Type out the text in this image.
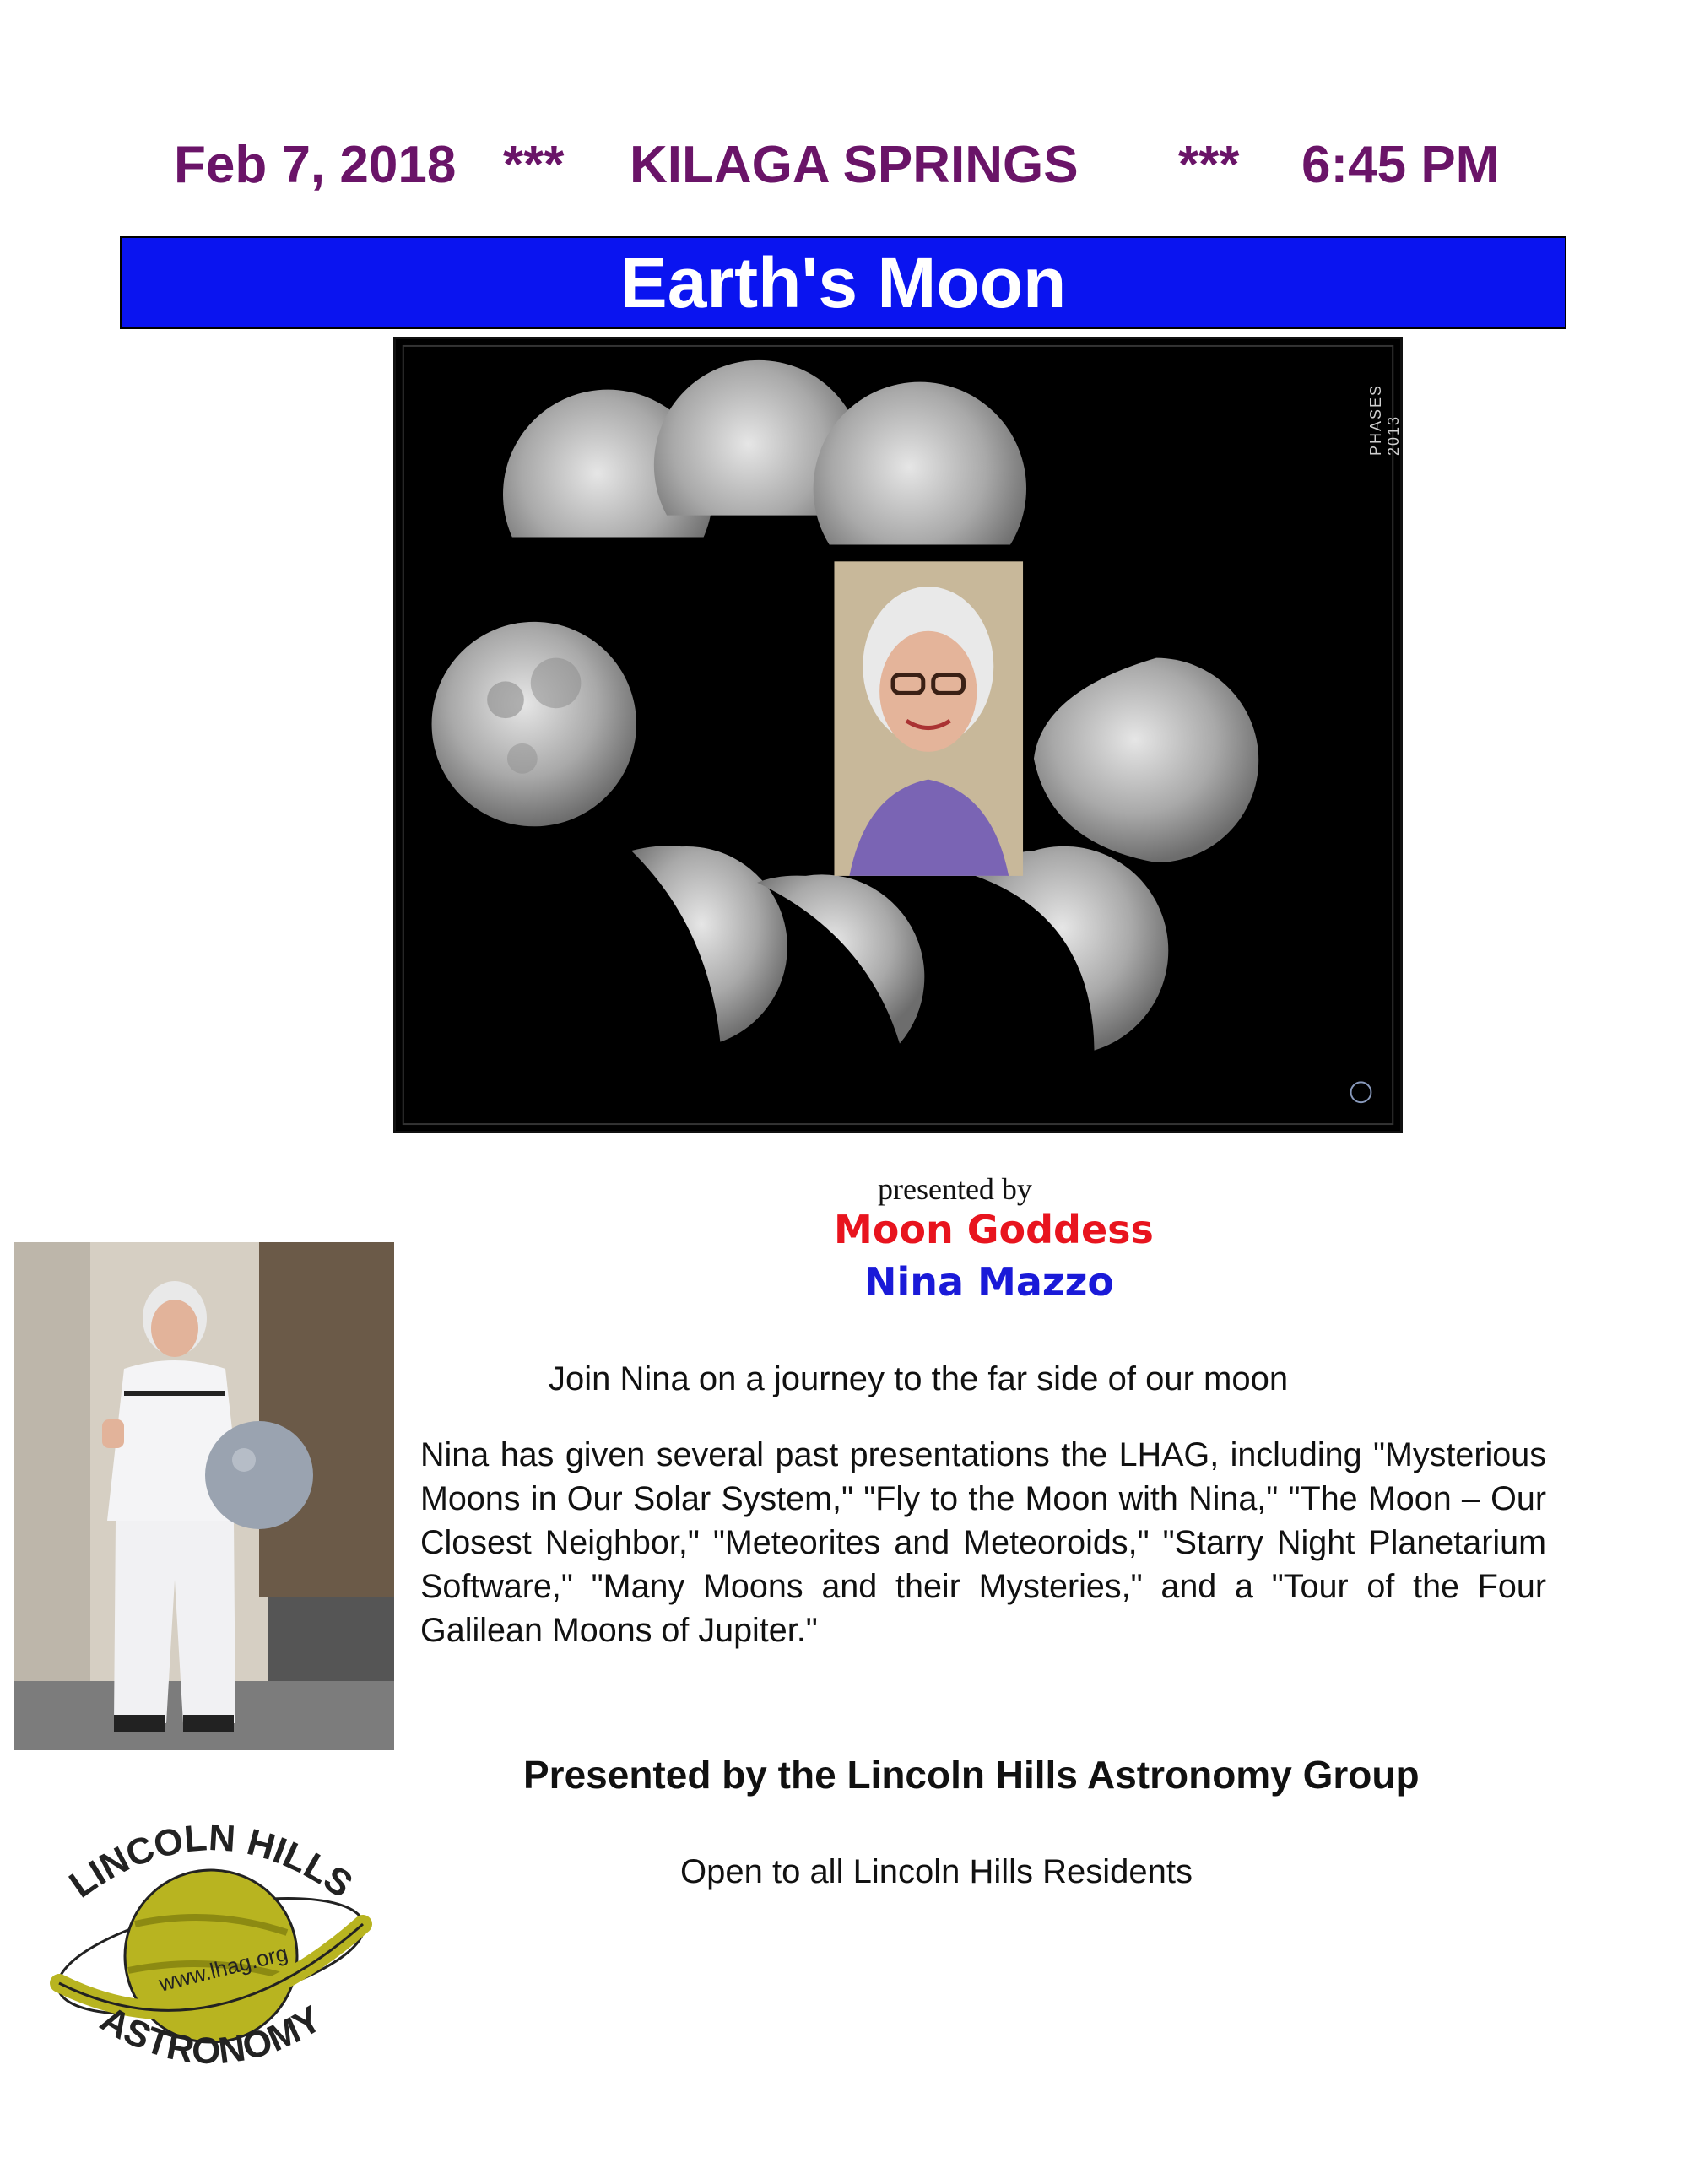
Feb 7, 2018 *** KILAGA SPRINGS *** 6:45 PM
Earth's Moon
PHASES 2013
presented by
Moon Goddess
Nina Mazzo
Join Nina on a journey to the far side of our moon
Nina has given several past presentations the LHAG, including "Mysterious Moons in Our Solar System," "Fly to the Moon with Nina," "The Moon – Our Closest Neighbor," "Meteorites and Meteoroids," "Starry Night Planetarium Software," "Many Moons and their Mysteries," and a "Tour of the Four Galilean Moons of Jupiter."
Presented by the Lincoln Hills Astronomy Group
Open to all Lincoln Hills Residents
www.lhag.org
LINCOLN HILLS
ASTRONOMY
